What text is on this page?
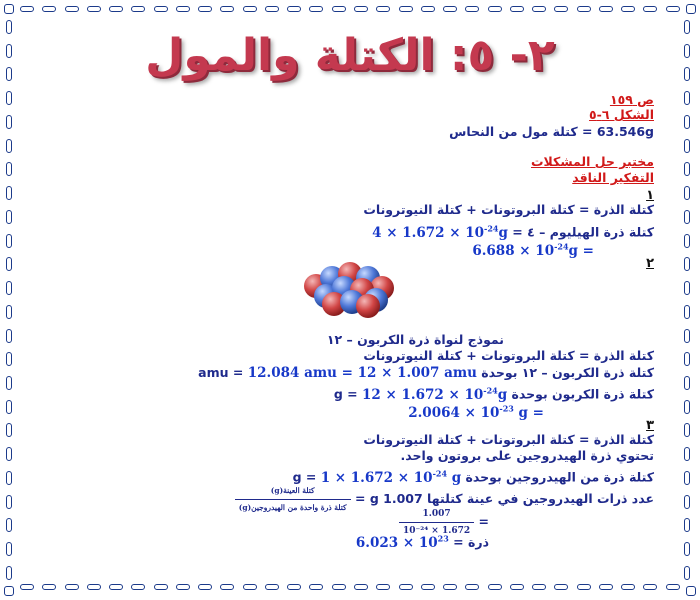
٢- ٥: الكتلة والمول
ص ١٥٩
الشكل ٦-٥
63.546g = كتلة مول من النحاس
مختبر حل المشكلات
التفكير الناقد
١
كتلة الذرة = كتلة البروتونات + كتلة النيوترونات
كتلة ذرة الهيليوم – ٤ = $4 \times 1.672 \times 10^{-24}g$
$6.688 \times 10^{-24}g$ =
٢
نموذج لنواة ذرة الكربون – ١٢
كتلة الذرة = كتلة البروتونات + كتلة النيوترونات
كتلة ذرة الكربون – ١٢ بوحدة amu = 12.084 amu = 12 × 1.007 amu
كتلة ذرة الكربون بوحدة $g = 12 \times 1.672 \times 10^{-24}g$
$2.0064 \times 10^{-23}$ g =
٣
كتلة الذرة = كتلة البروتونات + كتلة النيوترونات
تحتوي ذرة الهيدروجين على بروتون واحد.
كتلة ذرة من الهيدروجين بوحدة $g = 1 \times 1.672 \times 10^{-24}$ g
عدد ذرات الهيدروجين في عينة كتلتها 1.007 g =
$\frac{\text{كتلة العينة(g)}}{\text{كتلة ذرة واحدة من الهيدروجين(g)}}$
=
$\frac{1.007}{\text{1.672 × 10⁻²⁴}}$
ذرة = $6.023 \times 10^{23}$
